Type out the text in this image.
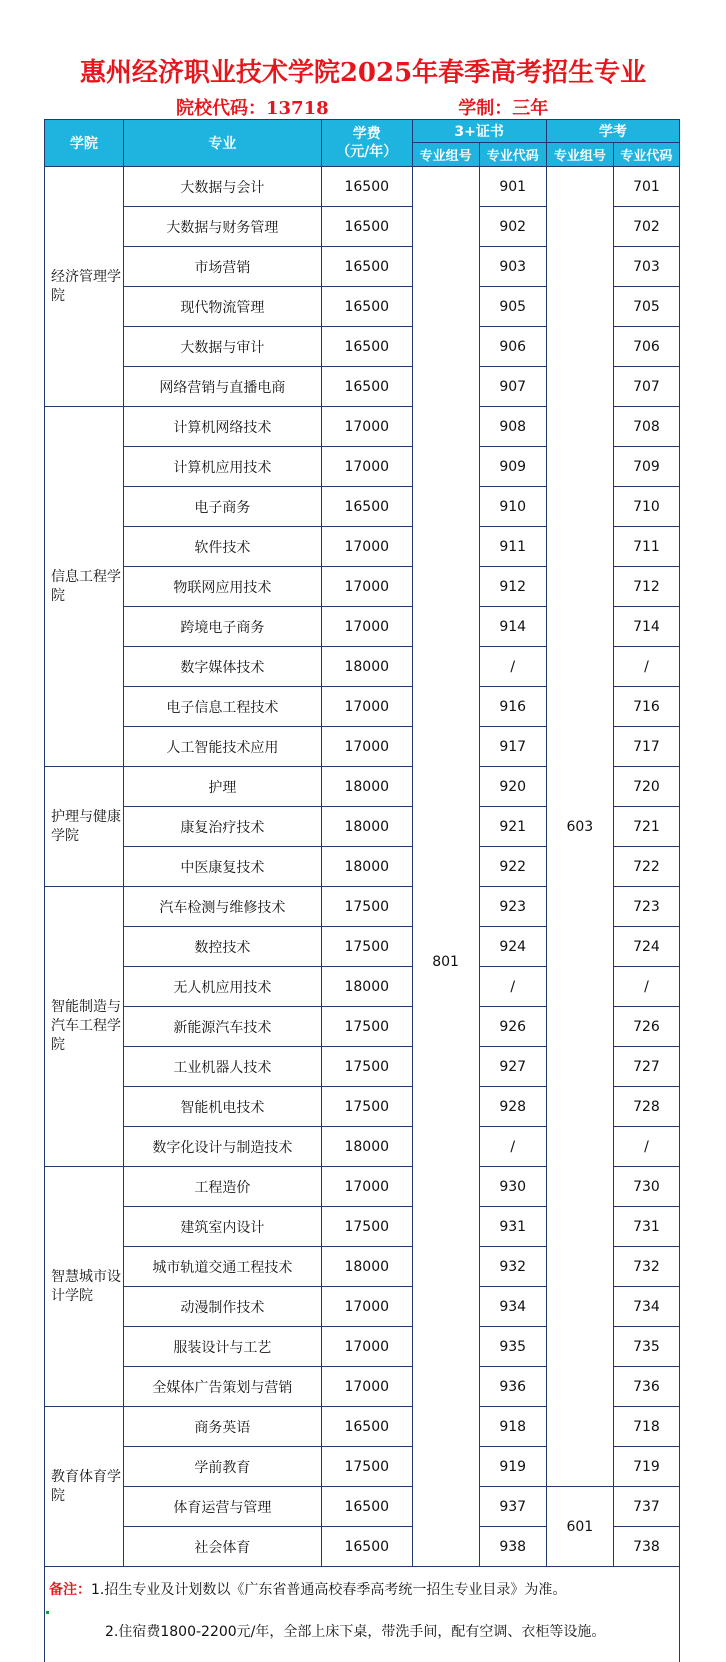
惠州经济职业技术学院2025年春季高考招生专业
院校代码：13718	学制：三年
学院	专业	学费
（元/年）	3+证书		学考	
			专业组号	专业代码	专业组号	专业代码
经济管理学院	大数据与会计	16500	801	901	603	701
	大数据与财务管理	16500		902		702
	市场营销	16500		903		703
	现代物流管理	16500		905		705
	大数据与审计	16500		906		706
	网络营销与直播电商	16500		907		707
信息工程学院	计算机网络技术	17000		908		708
	计算机应用技术	17000		909		709
	电子商务	16500		910		710
	软件技术	17000		911		711
	物联网应用技术	17000		912		712
	跨境电子商务	17000		914		714
	数字媒体技术	18000		/		/
	电子信息工程技术	17000		916		716
	人工智能技术应用	17000		917		717
护理与健康学院	护理	18000		920		720
	康复治疗技术	18000		921		721
	中医康复技术	18000		922		722
智能制造与汽车工程学院	汽车检测与维修技术	17500		923		723
	数控技术	17500		924		724
	无人机应用技术	18000		/		/
	新能源汽车技术	17500		926		726
	工业机器人技术	17500		927		727
	智能机电技术	17500		928		728
	数字化设计与制造技术	18000		/		/
智慧城市设计学院	工程造价	17000		930		730
	建筑室内设计	17500		931		731
	城市轨道交通工程技术	18000		932		732
	动漫制作技术	17000		934		734
	服装设计与工艺	17000		935		735
	全媒体广告策划与营销	17000		936		736
教育体育学院	商务英语	16500		918		718
	学前教育	17500		919		719
	体育运营与管理	16500		937	601	737
	社会体育	16500		938		738
备注：1.招生专业及计划数以《广东省普通高校春季高考统一招生专业目录》为准。
2.住宿费1800-2200元/年，全部上床下桌，带洗手间，配有空调、衣柜等设施。
